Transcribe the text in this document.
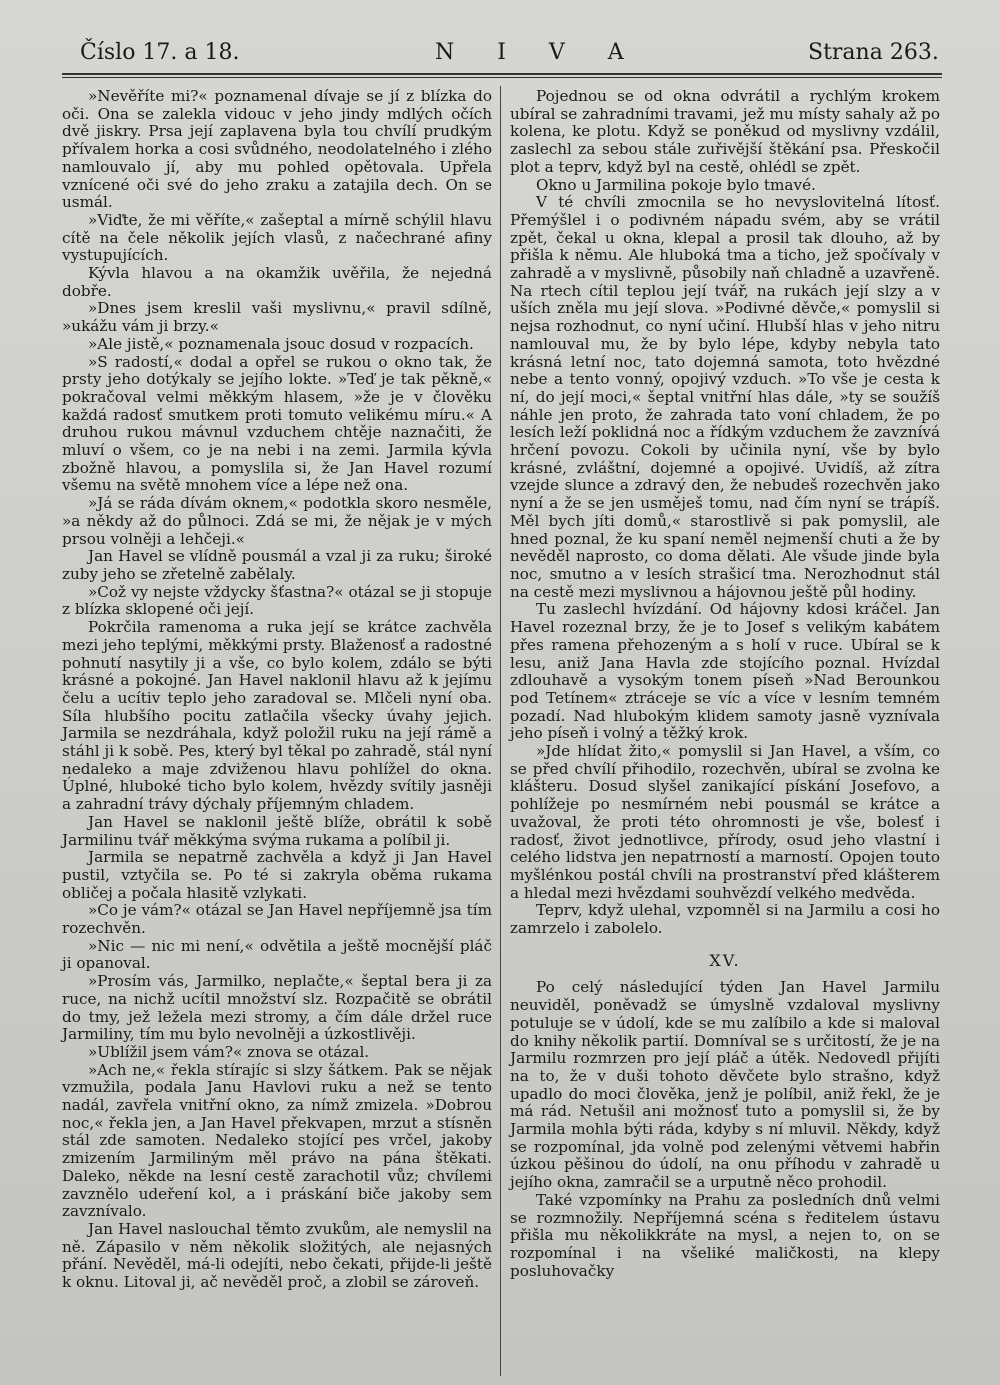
Číslo 17. a 18.	N I V A	Strana 263.

»Nevěříte mi?« poznamenal dívaje se jí z blízka do oči. Ona se zalekla vidouc v jeho jindy mdlých očích dvě jiskry. Prsa její zaplavena byla tou chvílí prudkým přívalem horka a cosi svůdného, neodolatelného i zlého namlouvalo jí, aby mu pohled opětovala. Upřela vznícené oči své do jeho zraku a zatajila dech. On se usmál.

»Viďte, že mi věříte,« zašeptal a mírně schýlil hlavu cítě na čele několik jejích vlasů, z načechrané afiny vystupujících.

Kývla hlavou a na okamžik uvěřila, že nejedná dobře.

»Dnes jsem kreslil vaši myslivnu,« pravil sdílně, »ukážu vám ji brzy.«

»Ale jistě,« poznamenala jsouc dosud v rozpacích.

»S radostí,« dodal a opřel se rukou o okno tak, že prsty jeho dotýkaly se jejího lokte. »Teď je tak pěkně,« pokračoval velmi měkkým hlasem, »že je v člověku každá radosť smutkem proti tomuto velikému míru.« A druhou rukou mávnul vzduchem chtěje naznačiti, že mluví o všem, co je na nebi i na zemi. Jarmila kývla zbožně hlavou, a pomyslila si, že Jan Havel rozumí všemu na světě mnohem více a lépe než ona.

»Já se ráda dívám oknem,« podotkla skoro nesměle, »a někdy až do půlnoci. Zdá se mi, že nějak je v mých prsou volněji a lehčeji.«

Jan Havel se vlídně pousmál a vzal ji za ruku; široké zuby jeho se zřetelně zabělaly.

»Což vy nejste vždycky šťastna?« otázal se ji stopuje z blízka sklopené oči její.

Pokrčila ramenoma a ruka její se krátce zachvěla mezi jeho teplými, měkkými prsty. Blaženosť a radostné pohnutí nasytily ji a vše, co bylo kolem, zdálo se býti krásné a pokojné. Jan Havel naklonil hlavu až k jejímu čelu a ucítiv teplo jeho zaradoval se. Mlčeli nyní oba. Síla hlubšího pocitu zatlačila všecky úvahy jejich. Jarmila se nezdráhala, když položil ruku na její rámě a stáhl ji k sobě. Pes, který byl těkal po zahradě, stál nyní nedaleko a maje zdviženou hlavu pohlížel do okna. Úplné, hluboké ticho bylo kolem, hvězdy svítily jasněji a zahradní trávy dýchaly příjemným chladem.

Jan Havel se naklonil ještě blíže, obrátil k sobě Jarmilinu tvář měkkýma svýma rukama a políbil ji.

Jarmila se nepatrně zachvěla a když ji Jan Havel pustil, vztyčila se. Po té si zakryla oběma rukama obličej a počala hlasitě vzlykati.

»Co je vám?« otázal se Jan Havel nepříjemně jsa tím rozechvěn.

»Nic — nic mi není,« odvětila a ještě mocnější pláč ji opanoval.

»Prosím vás, Jarmilko, neplačte,« šeptal bera ji za ruce, na nichž ucítil množství slz. Rozpačitě se obrátil do tmy, jež ležela mezi stromy, a čím dále držel ruce Jarmiliny, tím mu bylo nevolněji a úzkostlivěji.

»Ublížil jsem vám?« znova se otázal.

»Ach ne,« řekla stírajíc si slzy šátkem. Pak se nějak vzmužila, podala Janu Havlovi ruku a než se tento nadál, zavřela vnitřní okno, za nímž zmizela. »Dobrou noc,« řekla jen, a Jan Havel překvapen, mrzut a stísněn stál zde samoten. Nedaleko stojící pes vrčel, jakoby zmizením Jarmiliným měl právo na pána štěkati. Daleko, někde na lesní cestě zarachotil vůz; chvílemi zavznělo udeření kol, a i práskání biče jakoby sem zavznívalo.

Jan Havel naslouchal těmto zvukům, ale nemyslil na ně. Zápasilo v něm několik složitých, ale nejasných přání. Nevěděl, má-li odejíti, nebo čekati, přijde-li ještě k oknu. Litoval ji, ač nevěděl proč, a zlobil se zároveň.

Pojednou se od okna odvrátil a rychlým krokem ubíral se zahradními travami, jež mu místy sahaly až po kolena, ke plotu. Když se poněkud od myslivny vzdálil, zaslechl za sebou stále zuřivější štěkání psa. Přeskočil plot a teprv, když byl na cestě, ohlédl se zpět.

Okno u Jarmilina pokoje bylo tmavé.

V té chvíli zmocnila se ho nevyslovitelná lítosť. Přemýšlel i o podivném nápadu svém, aby se vrátil zpět, čekal u okna, klepal a prosil tak dlouho, až by přišla k němu. Ale hluboká tma a ticho, jež spočívaly v zahradě a v myslivně, působily naň chladně a uzavřeně. Na rtech cítil teplou její tvář, na rukách její slzy a v uších zněla mu její slova. »Podivné děvče,« pomyslil si nejsa rozhodnut, co nyní učiní. Hlubší hlas v jeho nitru namlouval mu, že by bylo lépe, kdyby nebyla tato krásná letní noc, tato dojemná samota, toto hvězdné nebe a tento vonný, opojivý vzduch. »To vše je cesta k ní, do její moci,« šeptal vnitřní hlas dále, »ty se soužíš náhle jen proto, že zahrada tato voní chladem, že po lesích leží poklidná noc a řídkým vzduchem že zavznívá hrčení povozu. Cokoli by učinila nyní, vše by bylo krásné, zvláštní, dojemné a opojivé. Uvidíš, až zítra vzejde slunce a zdravý den, že nebudeš rozechvěn jako nyní a že se jen usměješ tomu, nad čím nyní se trápíš. Měl bych jíti domů,« starostlivě si pak pomyslil, ale hned poznal, že ku spaní neměl nejmenší chuti a že by nevěděl naprosto, co doma dělati. Ale všude jinde byla noc, smutno a v lesích strašicí tma. Nerozhodnut stál na cestě mezi myslivnou a hájovnou ještě půl hodiny.

Tu zaslechl hvízdání. Od hájovny kdosi kráčel. Jan Havel rozeznal brzy, že je to Josef s velikým kabátem přes ramena přehozeným a s holí v ruce. Ubíral se k lesu, aniž Jana Havla zde stojícího poznal. Hvízdal zdlouhavě a vysokým tonem píseň »Nad Berounkou pod Tetínem« ztráceje se víc a více v lesním temném pozadí. Nad hlubokým klidem samoty jasně vyznívala jeho píseň i volný a těžký krok.

»Jde hlídat žito,« pomyslil si Jan Havel, a vším, co se před chvílí přihodilo, rozechvěn, ubíral se zvolna ke klášteru. Dosud slyšel zanikající pískání Josefovo, a pohlížeje po nesmírném nebi pousmál se krátce a uvažoval, že proti této ohromnosti je vše, bolesť i radosť, život jednotlivce, přírody, osud jeho vlastní i celého lidstva jen nepatrností a marností. Opojen touto myšlénkou postál chvíli na prostranství před klášterem a hledal mezi hvězdami souhvězdí velkého medvěda.

Teprv, když ulehal, vzpomněl si na Jarmilu a cosi ho zamrzelo i zabolelo.

XV.

Po celý následující týden Jan Havel Jarmilu neuviděl, poněvadž se úmyslně vzdaloval myslivny potuluje se v údolí, kde se mu zalíbilo a kde si maloval do knihy několik partií. Domníval se s určitostí, že je na Jarmilu rozmrzen pro její pláč a útěk. Nedovedl přijíti na to, že v duši tohoto děvčete bylo strašno, když upadlo do moci člověka, jenž je políbil, aniž řekl, že je má rád. Netušil ani možnosť tuto a pomyslil si, že by Jarmila mohla býti ráda, kdyby s ní mluvil. Někdy, když se rozpomínal, jda volně pod zelenými větvemi habřin úzkou pěšinou do údolí, na onu příhodu v zahradě u jejího okna, zamračil se a urputně něco prohodil.

Také vzpomínky na Prahu za posledních dnů velmi se rozmnožily. Nepříjemná scéna s ředitelem ústavu přišla mu několikkráte na mysl, a nejen to, on se rozpomínal i na všeliké maličkosti, na klepy posluhovačky
